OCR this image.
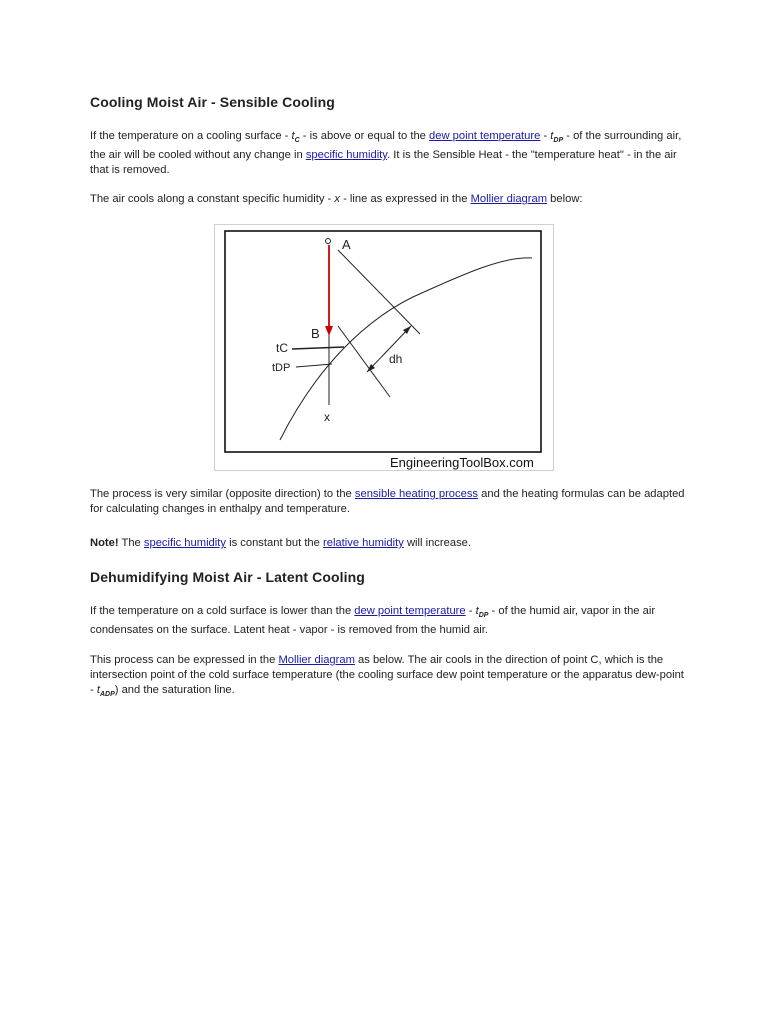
Cooling Moist Air - Sensible Cooling

If the temperature on a cooling surface - $t_C$ - is above or equal to the dew point temperature - $t_{DP}$ - of the surrounding air, the air will be cooled without any change in specific humidity. It is the Sensible Heat - the "temperature heat" - in the air that is removed.

The air cools along a constant specific humidity - x - line as expressed in the Mollier diagram below:

A
B
tC
tDP
dh
x
EngineeringToolBox.com

The process is very similar (opposite direction) to the sensible heating process and the heating formulas can be adapted for calculating changes in enthalpy and temperature.

Note! The specific humidity is constant but the relative humidity will increase.

Dehumidifying Moist Air - Latent Cooling

If the temperature on a cold surface is lower than the dew point temperature - $t_{DP}$ - of the humid air, vapor in the air condensates on the surface. Latent heat - vapor - is removed from the humid air.

This process can be expressed in the Mollier diagram as below. The air cools in the direction of point C, which is the intersection point of the cold surface temperature (the cooling surface dew point temperature or the apparatus dew-point - $t_{ADP}$) and the saturation line.
